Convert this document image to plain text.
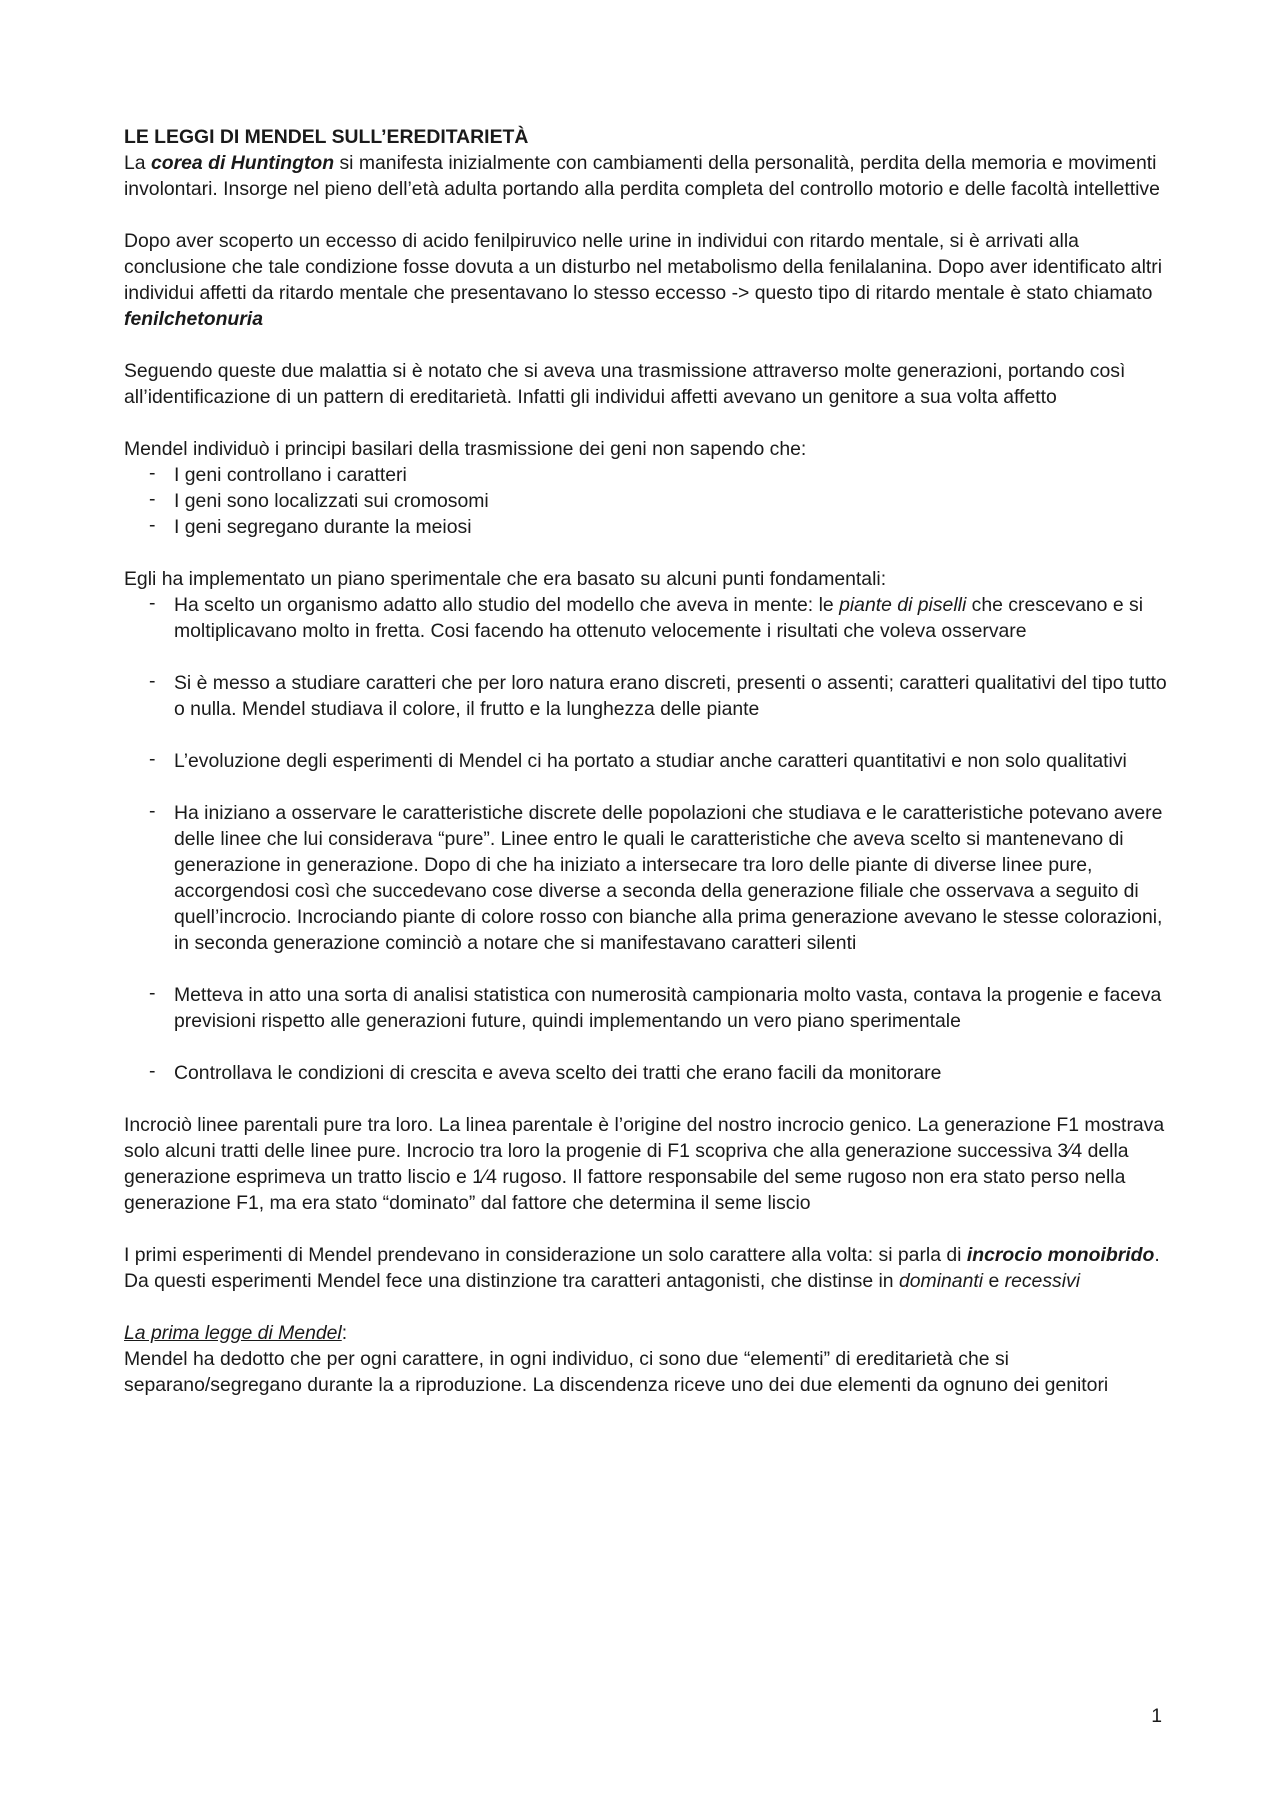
LE LEGGI DI MENDEL SULL’EREDITARIETÀ

La corea di Huntington si manifesta inizialmente con cambiamenti della personalità, perdita della memoria e movimenti involontari. Insorge nel pieno dell’età adulta portando alla perdita completa del controllo motorio e delle facoltà intellettive

Dopo aver scoperto un eccesso di acido fenilpiruvico nelle urine in individui con ritardo mentale, si è arrivati alla conclusione che tale condizione fosse dovuta a un disturbo nel metabolismo della fenilalanina. Dopo aver identificato altri individui affetti da ritardo mentale che presentavano lo stesso eccesso -> questo tipo di ritardo mentale è stato chiamato fenilchetonuria

Seguendo queste due malattia si è notato che si aveva una trasmissione attraverso molte generazioni, portando così all’identificazione di un pattern di ereditarietà. Infatti gli individui affetti avevano un genitore a sua volta affetto

Mendel individuò i principi basilari della trasmissione dei geni non sapendo che:

- I geni controllano i caratteri
- I geni sono localizzati sui cromosomi
- I geni segregano durante la meiosi

Egli ha implementato un piano sperimentale che era basato su alcuni punti fondamentali:

- Ha scelto un organismo adatto allo studio del modello che aveva in mente: le piante di piselli che crescevano e si moltiplicavano molto in fretta. Cosi facendo ha ottenuto velocemente i risultati che voleva osservare
- Si è messo a studiare caratteri che per loro natura erano discreti, presenti o assenti; caratteri qualitativi del tipo tutto o nulla. Mendel studiava il colore, il frutto e la lunghezza delle piante
- L’evoluzione degli esperimenti di Mendel ci ha portato a studiar anche caratteri quantitativi e non solo qualitativi
- Ha iniziano a osservare le caratteristiche discrete delle popolazioni che studiava e le caratteristiche potevano avere delle linee che lui considerava “pure”. Linee entro le quali le caratteristiche che aveva scelto si mantenevano di generazione in generazione. Dopo di che ha iniziato a intersecare tra loro delle piante di diverse linee pure, accorgendosi così che succedevano cose diverse a seconda della generazione filiale che osservava a seguito di quell’incrocio. Incrociando piante di colore rosso con bianche alla prima generazione avevano le stesse colorazioni, in seconda generazione cominciò a notare che si manifestavano caratteri silenti
- Metteva in atto una sorta di analisi statistica con numerosità campionaria molto vasta, contava la progenie e faceva previsioni rispetto alle generazioni future, quindi implementando un vero piano sperimentale
- Controllava le condizioni di crescita e aveva scelto dei tratti che erano facili da monitorare

Incrociò linee parentali pure tra loro. La linea parentale è l’origine del nostro incrocio genico. La generazione F1 mostrava solo alcuni tratti delle linee pure. Incrocio tra loro la progenie di F1 scopriva che alla generazione successiva 3⁄4 della generazione esprimeva un tratto liscio e 1⁄4 rugoso. Il fattore responsabile del seme rugoso non era stato perso nella generazione F1, ma era stato “dominato” dal fattore che determina il seme liscio

I primi esperimenti di Mendel prendevano in considerazione un solo carattere alla volta: si parla di incrocio monoibrido. Da questi esperimenti Mendel fece una distinzione tra caratteri antagonisti, che distinse in dominanti e recessivi

La prima legge di Mendel:

Mendel ha dedotto che per ogni carattere, in ogni individuo, ci sono due “elementi” di ereditarietà che si separano/segregano durante la a riproduzione. La discendenza riceve uno dei due elementi da ognuno dei genitori

1
